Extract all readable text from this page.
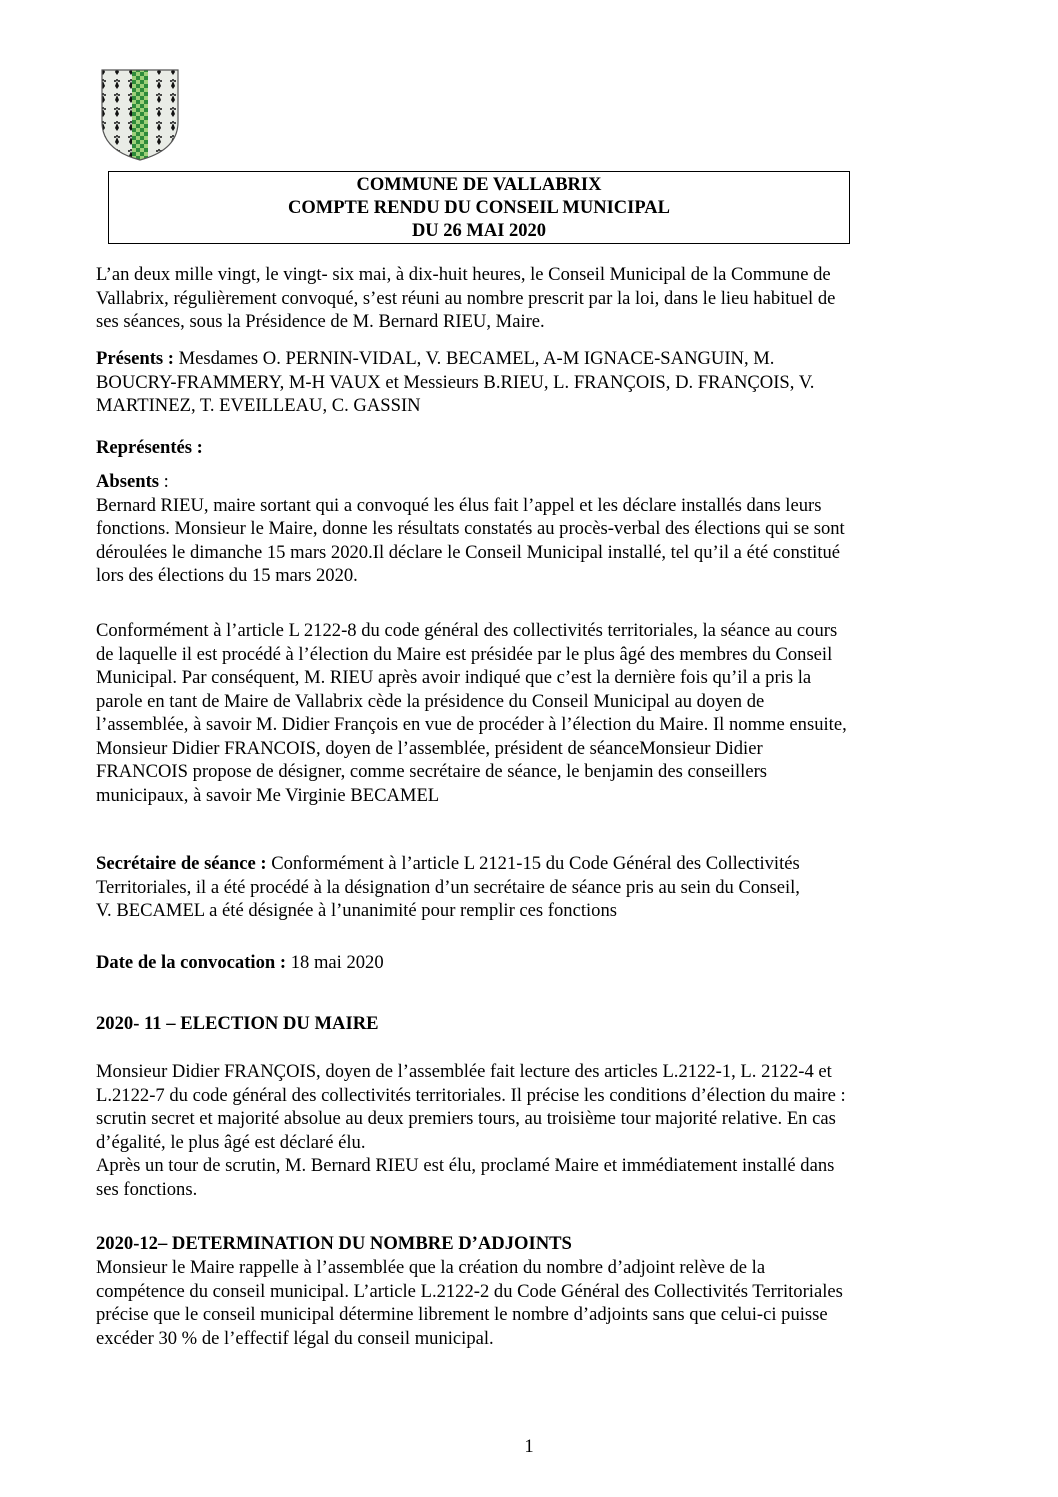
COMMUNE DE VALLABRIX
COMPTE RENDU DU CONSEIL MUNICIPAL
DU 26 MAI 2020
L’an deux mille vingt, le vingt- six mai, à dix-huit heures, le Conseil Municipal de la Commune de
Vallabrix, régulièrement convoqué, s’est réuni au nombre prescrit par la loi, dans le lieu habituel de
ses séances, sous la Présidence de M. Bernard RIEU, Maire.
Présents : Mesdames O. PERNIN-VIDAL, V. BECAMEL, A-M IGNACE-SANGUIN, M.
BOUCRY-FRAMMERY, M-H VAUX et Messieurs B.RIEU, L. FRANÇOIS, D. FRANÇOIS, V.
MARTINEZ, T. EVEILLEAU, C. GASSIN
Représentés :
Absents :
Bernard RIEU, maire sortant qui a convoqué les élus fait l’appel et les déclare installés dans leurs
fonctions. Monsieur le Maire, donne les résultats constatés au procès-verbal des élections qui se sont
déroulées le dimanche 15 mars 2020.Il déclare le Conseil Municipal installé, tel qu’il a été constitué
lors des élections du 15 mars 2020.
Conformément à l’article L 2122-8 du code général des collectivités territoriales, la séance au cours
de laquelle il est procédé à l’élection du Maire est présidée par le plus âgé des membres du Conseil
Municipal. Par conséquent, M. RIEU après avoir indiqué que c’est la dernière fois qu’il a pris la
parole en tant de Maire de Vallabrix cède la présidence du Conseil Municipal au doyen de
l’assemblée, à savoir M. Didier François en vue de procéder à l’élection du Maire. Il nomme ensuite,
Monsieur Didier FRANCOIS, doyen de l’assemblée, président de séanceMonsieur Didier
FRANCOIS propose de désigner, comme secrétaire de séance, le benjamin des conseillers
municipaux, à savoir Me Virginie BECAMEL
Secrétaire de séance : Conformément à l’article L 2121-15 du Code Général des Collectivités
Territoriales, il a été procédé à la désignation d’un secrétaire de séance pris au sein du Conseil,
V. BECAMEL a été désignée à l’unanimité pour remplir ces fonctions
Date de la convocation : 18 mai 2020
2020- 11 – ELECTION DU MAIRE
Monsieur Didier FRANÇOIS, doyen de l’assemblée fait lecture des articles L.2122-1, L. 2122-4 et
L.2122-7 du code général des collectivités territoriales. Il précise les conditions d’élection du maire :
scrutin secret et majorité absolue au deux premiers tours, au troisième tour majorité relative. En cas
d’égalité, le plus âgé est déclaré élu.
Après un tour de scrutin, M. Bernard RIEU est élu, proclamé Maire et immédiatement installé dans
ses fonctions.
2020-12– DETERMINATION DU NOMBRE D’ADJOINTS
Monsieur le Maire rappelle à l’assemblée que la création du nombre d’adjoint relève de la
compétence du conseil municipal. L’article L.2122-2 du Code Général des Collectivités Territoriales
précise que le conseil municipal détermine librement le nombre d’adjoints sans que celui-ci puisse
excéder 30 % de l’effectif légal du conseil municipal.
1
